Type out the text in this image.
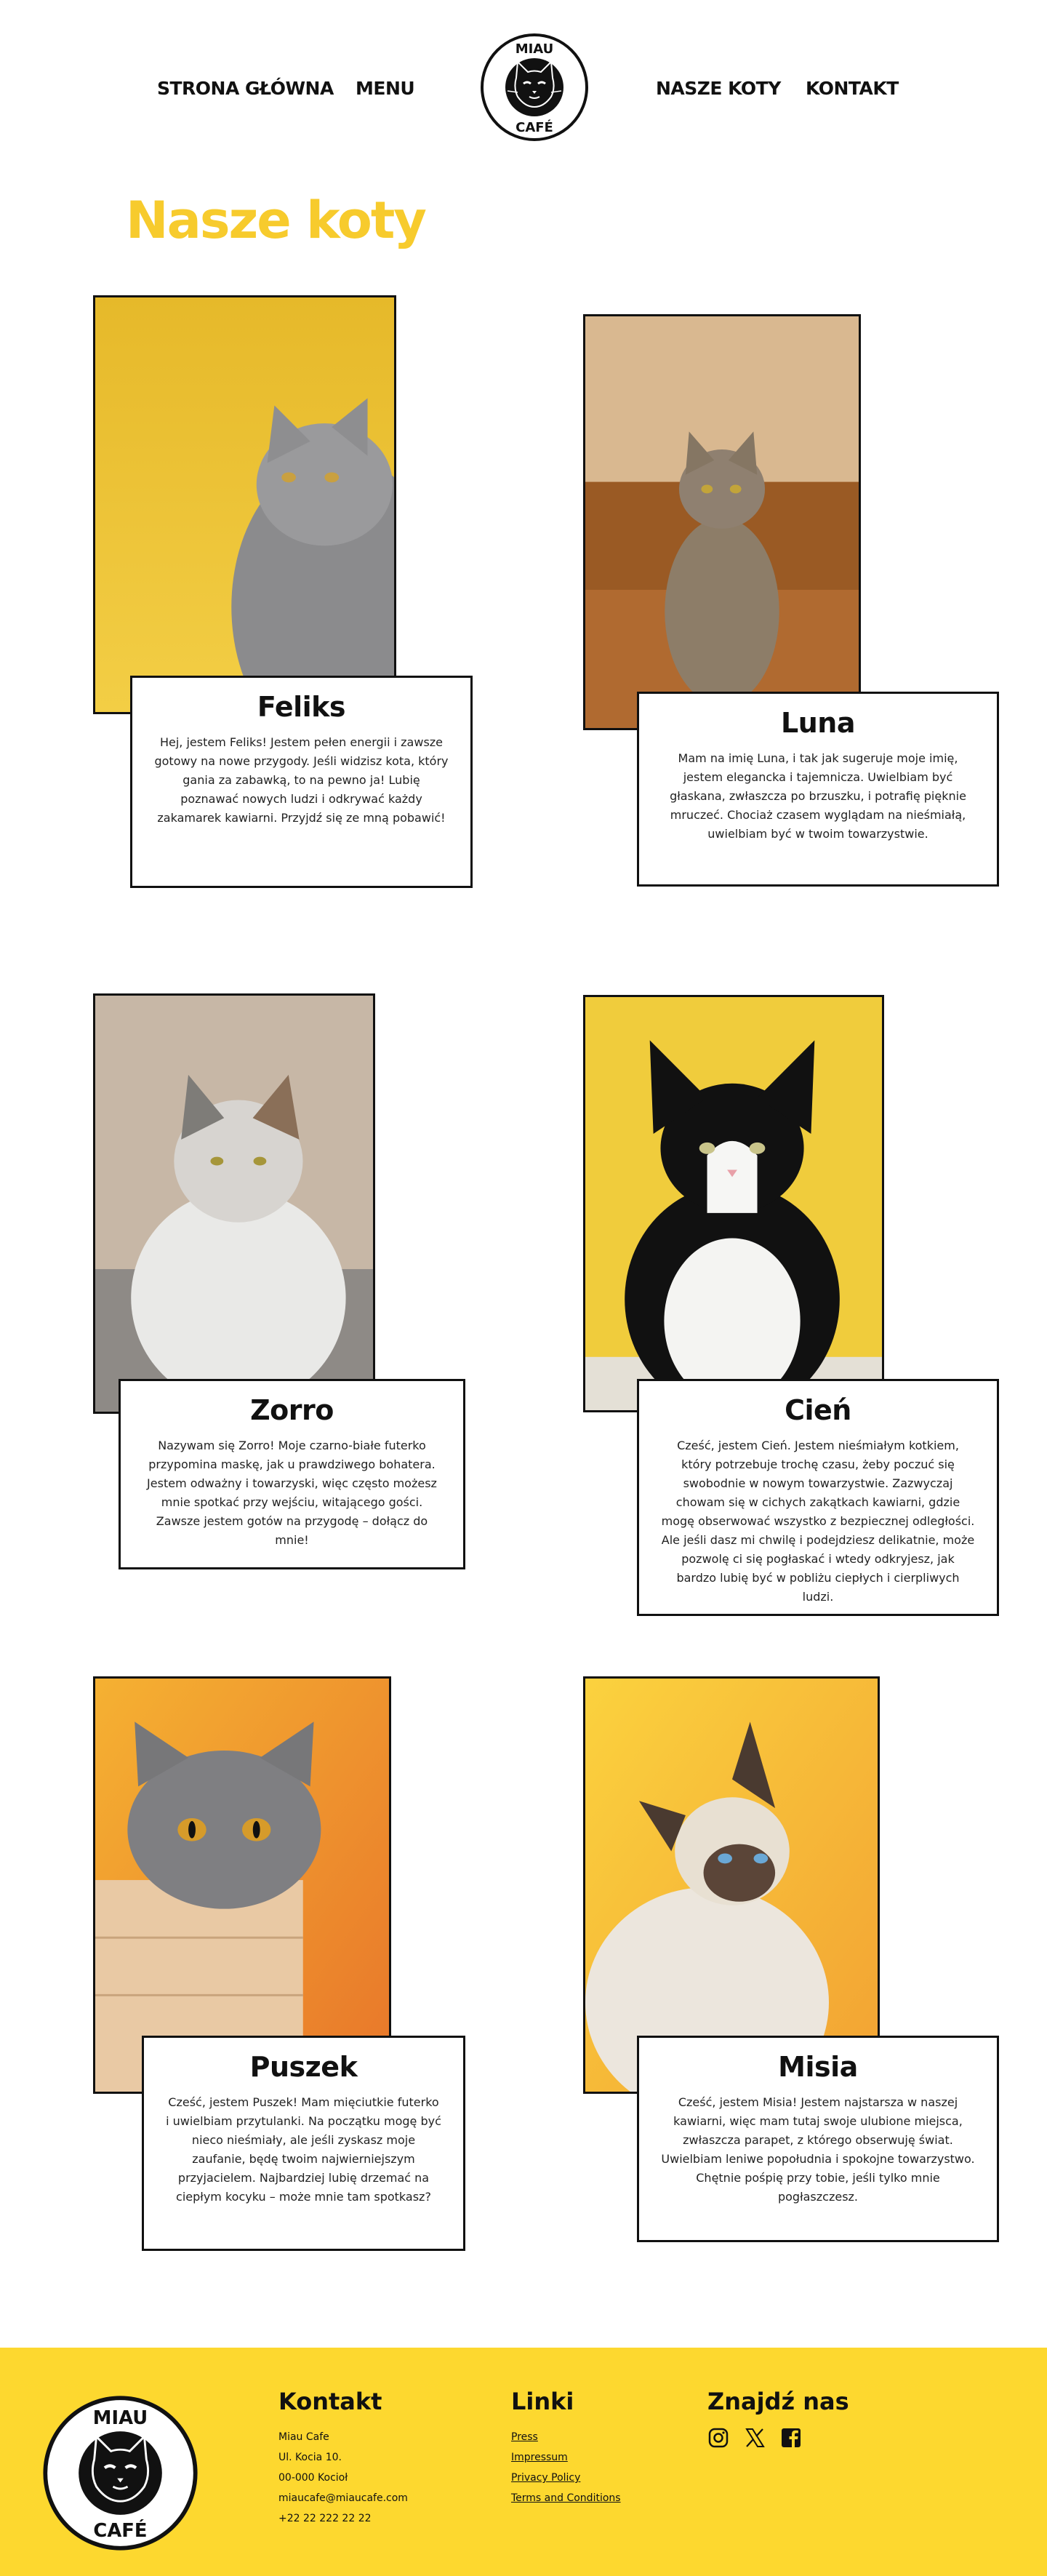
STRONA GŁÓWNA MENU
MIAU
CAFÉ
NASZE KOTY KONTAKT
Nasze koty
Feliks

Hej, jestem Feliks! Jestem pełen energii i zawsze gotowy na nowe przygody. Jeśli widzisz kota, który gania za zabawką, to na pewno ja! Lubię poznawać nowych ludzi i odkrywać każdy zakamarek kawiarni. Przyjdź się ze mną pobawić!

Luna

Mam na imię Luna, i tak jak sugeruje moje imię, jestem elegancka i tajemnicza. Uwielbiam być głaskana, zwłaszcza po brzuszku, i potrafię pięknie mruczeć. Chociaż czasem wyglądam na nieśmiałą, uwielbiam być w twoim towarzystwie.

Zorro

Nazywam się Zorro! Moje czarno-białe futerko przypomina maskę, jak u prawdziwego bohatera. Jestem odważny i towarzyski, więc często możesz mnie spotkać przy wejściu, witającego gości. Zawsze jestem gotów na przygodę – dołącz do mnie!

Cień

Cześć, jestem Cień. Jestem nieśmiałym kotkiem, który potrzebuje trochę czasu, żeby poczuć się swobodnie w nowym towarzystwie. Zazwyczaj chowam się w cichych zakątkach kawiarni, gdzie mogę obserwować wszystko z bezpiecznej odległości. Ale jeśli dasz mi chwilę i podejdziesz delikatnie, może pozwolę ci się pogłaskać i wtedy odkryjesz, jak bardzo lubię być w pobliżu ciepłych i cierpliwych ludzi.

Puszek

Cześć, jestem Puszek! Mam mięciutkie futerko i uwielbiam przytulanki. Na początku mogę być nieco nieśmiały, ale jeśli zyskasz moje zaufanie, będę twoim najwierniejszym przyjacielem. Najbardziej lubię drzemać na ciepłym kocyku – może mnie tam spotkasz?

Misia

Cześć, jestem Misia! Jestem najstarsza w naszej kawiarni, więc mam tutaj swoje ulubione miejsca, zwłaszcza parapet, z którego obserwuję świat. Uwielbiam leniwe popołudnia i spokojne towarzystwo. Chętnie pośpię przy tobie, jeśli tylko mnie pogłaszczesz.

MIAU
CAFÉ
Kontakt
Miau Cafe
Ul. Kocia 10.
00-000 Kocioł
miaucafe@miaucafe.com
+22 22 222 22 22
Linki
Press
Impressum
Privacy Policy
Terms and Conditions
Znajdź nas
